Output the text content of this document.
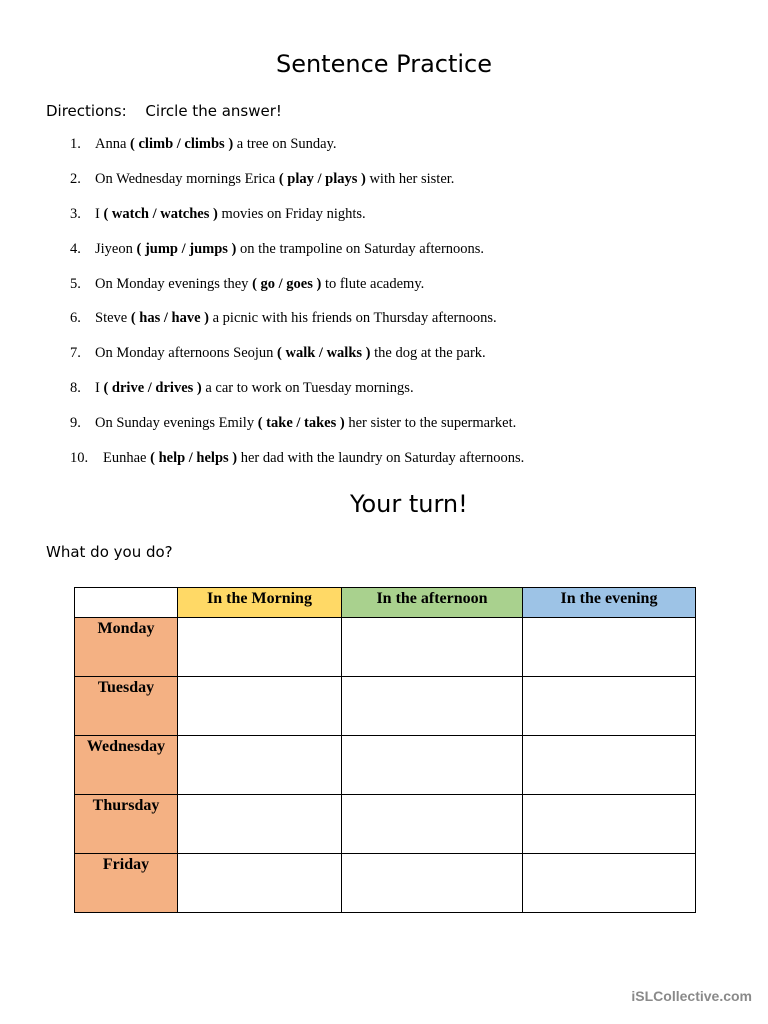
Sentence Practice
Directions: Circle the answer!
1. Anna ( climb / climbs ) a tree on Sunday.
2. On Wednesday mornings Erica ( play / plays ) with her sister.
3. I ( watch / watches ) movies on Friday nights.
4. Jiyeon ( jump / jumps ) on the trampoline on Saturday afternoons.
5. On Monday evenings they ( go / goes ) to flute academy.
6. Steve ( has / have ) a picnic with his friends on Thursday afternoons.
7. On Monday afternoons Seojun ( walk / walks ) the dog at the park.
8. I ( drive / drives ) a car to work on Tuesday mornings.
9. On Sunday evenings Emily ( take / takes ) her sister to the supermarket.
10. Eunhae ( help / helps ) her dad with the laundry on Saturday afternoons.
Your turn!
What do you do?
	In the Morning	In the afternoon	In the evening
Monday			
Tuesday			
Wednesday			
Thursday			
Friday			
iSLCollective.com
